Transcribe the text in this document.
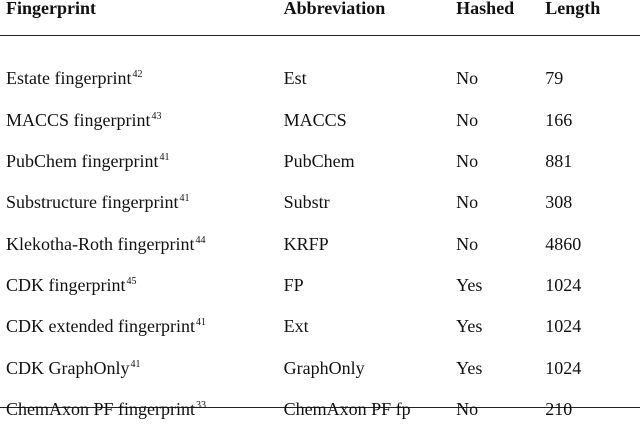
Fingerprint	Abbreviation	Hashed	Length

Estate fingerprint$^{42}$	Est	No	79
MACCS fingerprint$^{43}$	MACCS	No	166
PubChem fingerprint$^{41}$	PubChem	No	881
Substructure fingerprint$^{41}$	Substr	No	308
Klekotha-Roth fingerprint$^{44}$	KRFP	No	4860
CDK fingerprint$^{45}$	FP	Yes	1024
CDK extended fingerprint$^{41}$	Ext	Yes	1024
CDK GraphOnly$^{41}$	GraphOnly	Yes	1024
ChemAxon PF fingerprint$^{33}$	ChemAxon PF fp	No	210
